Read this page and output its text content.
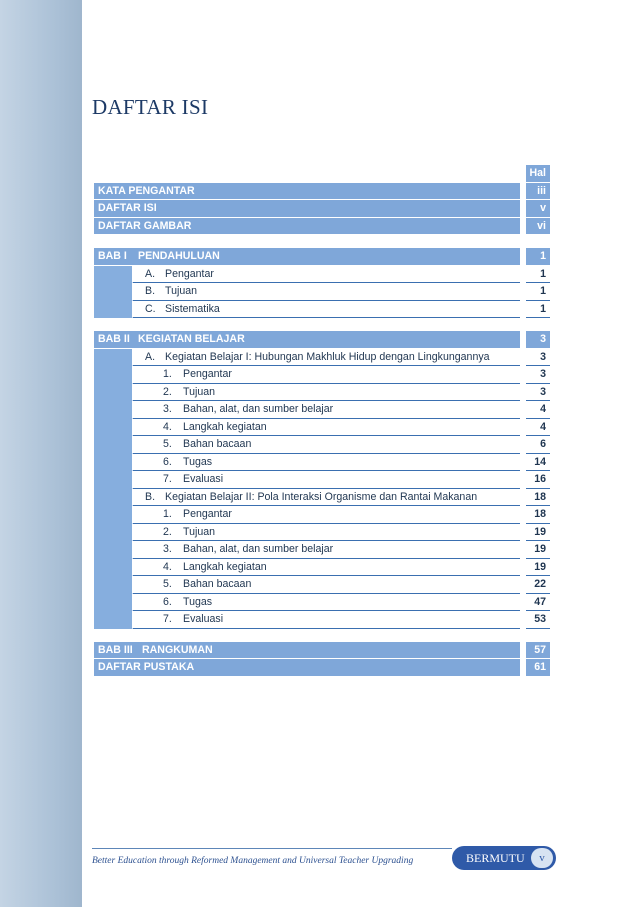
DAFTAR ISI
Hal
KATA PENGANTAR	iii
DAFTAR ISI	v
DAFTAR GAMBAR	vi
BAB I	PENDAHULUAN	1
A. Pengantar	1
B. Tujuan	1
C. Sistematika	1
BAB II KEGIATAN BELAJAR	3
A. Kegiatan Belajar I: Hubungan Makhluk Hidup dengan Lingkungannya	3
1.	Pengantar	3
2.	Tujuan	3
3.	Bahan, alat, dan sumber belajar	4
4.	Langkah kegiatan	4
5.	Bahan bacaan	6
6.	Tugas	14
7.	Evaluasi	16
B. Kegiatan Belajar II: Pola Interaksi Organisme dan Rantai Makanan	18
1.	Pengantar	18
2.	Tujuan	19
3.	Bahan, alat, dan sumber belajar	19
4.	Langkah kegiatan	19
5.	Bahan bacaan	22
6.	Tugas	47
7.	Evaluasi	53
BAB III RANGKUMAN	57
DAFTAR PUSTAKA	61
Better Education through Reformed Management and Universal Teacher Upgrading	BERMUTU	v
